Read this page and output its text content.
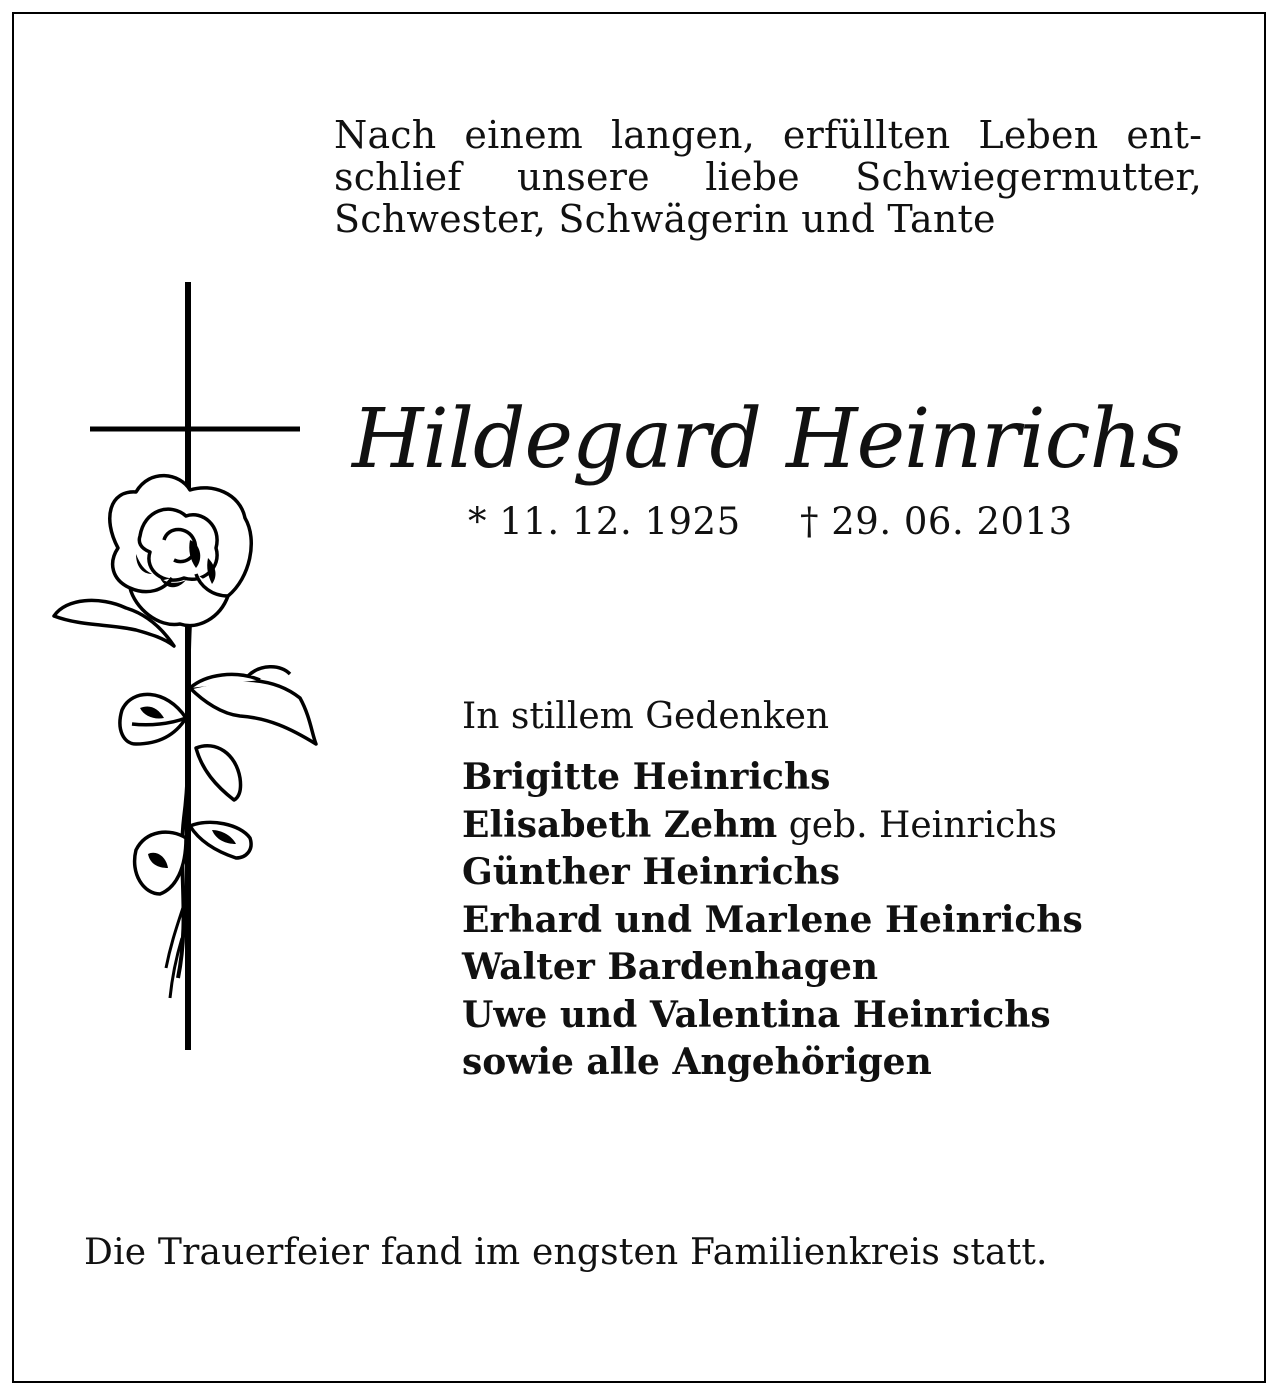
Nach einem langen, erfüllten Leben entschlief unsere liebe Schwiegermutter, Schwester, Schwägerin und Tante
Hildegard Heinrichs
* 11. 12. 1925 † 29. 06. 2013
In stillem Gedenken
Brigitte Heinrichs
Elisabeth Zehm geb. Heinrichs
Günther Heinrichs
Erhard und Marlene Heinrichs
Walter Bardenhagen
Uwe und Valentina Heinrichs
sowie alle Angehörigen
Die Trauerfeier fand im engsten Familienkreis statt.
